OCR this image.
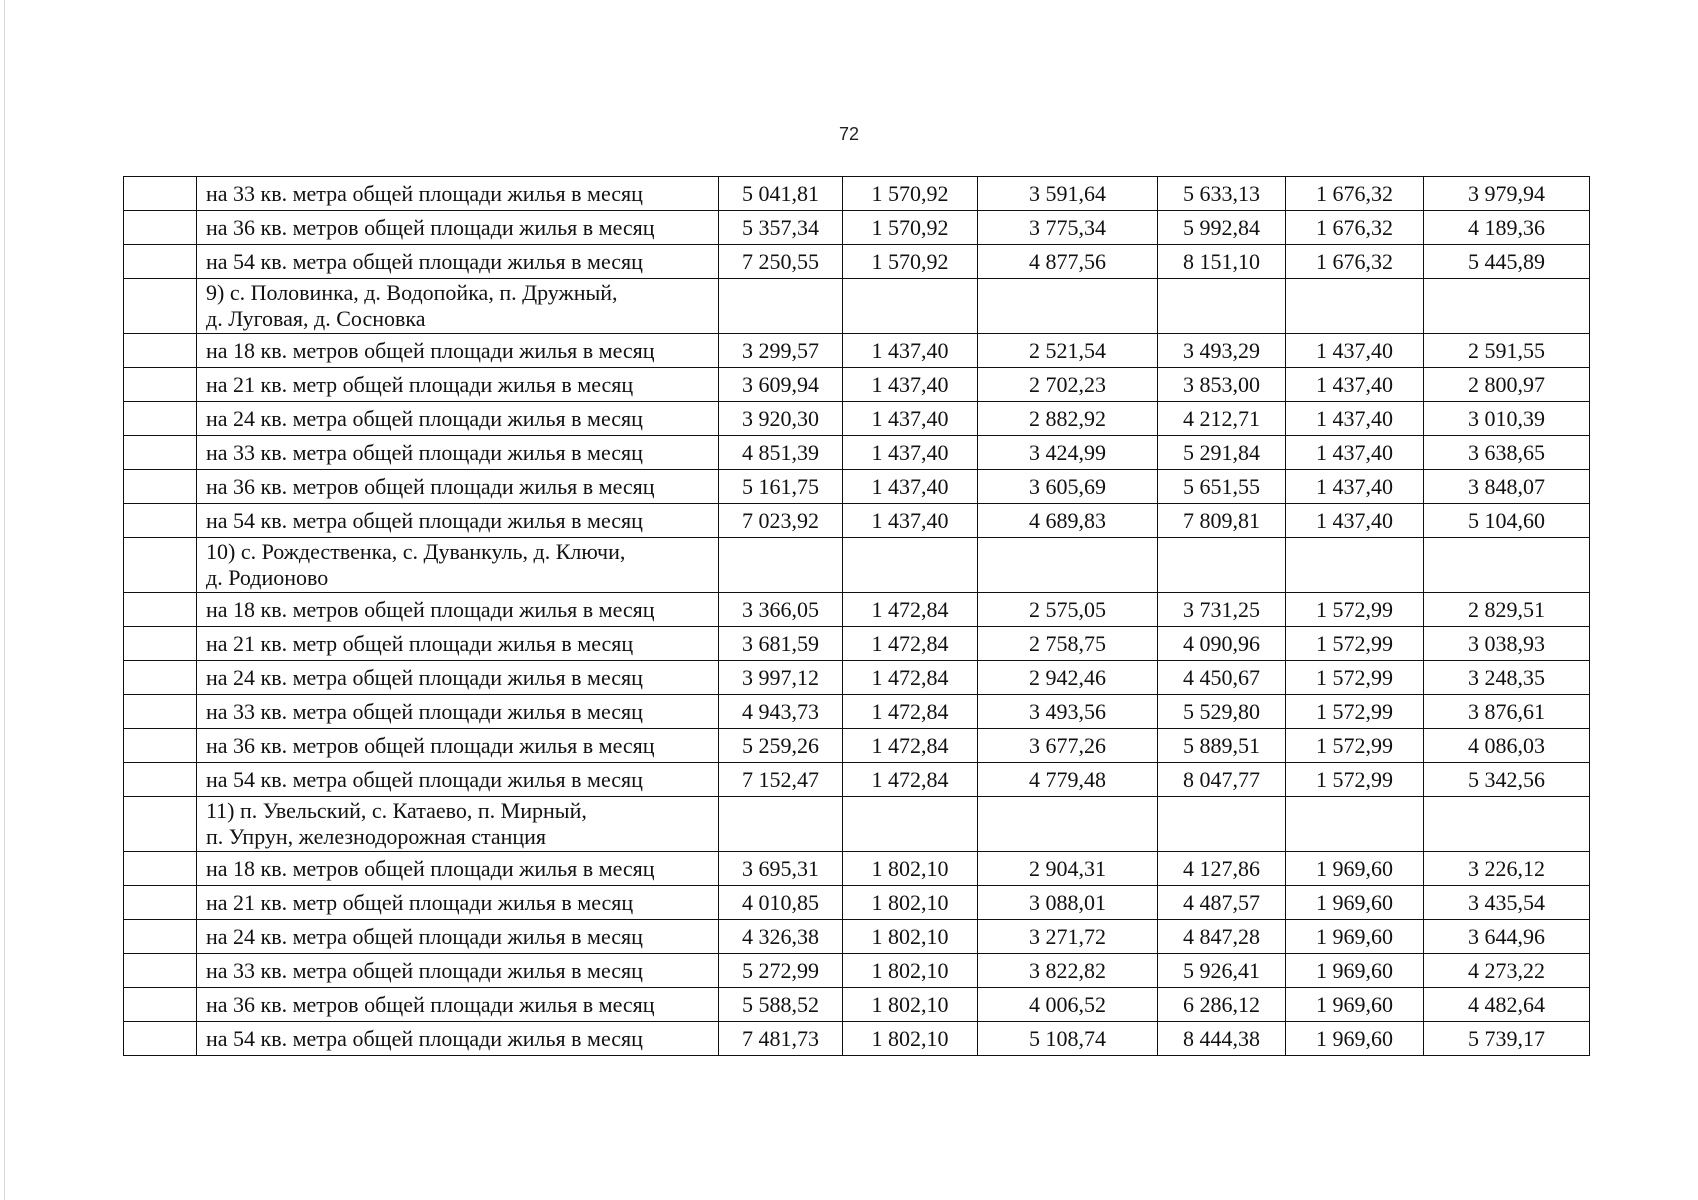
72
	на 33 кв. метра общей площади жилья в месяц	5 041,81	1 570,92	3 591,64	5 633,13	1 676,32	3 979,94
	на 36 кв. метров общей площади жилья в месяц	5 357,34	1 570,92	3 775,34	5 992,84	1 676,32	4 189,36
	на 54 кв. метра общей площади жилья в месяц	7 250,55	1 570,92	4 877,56	8 151,10	1 676,32	5 445,89

	9) с. Половинка, д. Водопойка, п. Дружный,
д. Луговая, д. Сосновка						

	на 18 кв. метров общей площади жилья в месяц	3 299,57	1 437,40	2 521,54	3 493,29	1 437,40	2 591,55
	на 21 кв. метр общей площади жилья в месяц	3 609,94	1 437,40	2 702,23	3 853,00	1 437,40	2 800,97
	на 24 кв. метра общей площади жилья в месяц	3 920,30	1 437,40	2 882,92	4 212,71	1 437,40	3 010,39
	на 33 кв. метра общей площади жилья в месяц	4 851,39	1 437,40	3 424,99	5 291,84	1 437,40	3 638,65
	на 36 кв. метров общей площади жилья в месяц	5 161,75	1 437,40	3 605,69	5 651,55	1 437,40	3 848,07
	на 54 кв. метра общей площади жилья в месяц	7 023,92	1 437,40	4 689,83	7 809,81	1 437,40	5 104,60

	10) с. Рождественка, с. Дуванкуль, д. Ключи,
д. Родионово						

	на 18 кв. метров общей площади жилья в месяц	3 366,05	1 472,84	2 575,05	3 731,25	1 572,99	2 829,51
	на 21 кв. метр общей площади жилья в месяц	3 681,59	1 472,84	2 758,75	4 090,96	1 572,99	3 038,93
	на 24 кв. метра общей площади жилья в месяц	3 997,12	1 472,84	2 942,46	4 450,67	1 572,99	3 248,35
	на 33 кв. метра общей площади жилья в месяц	4 943,73	1 472,84	3 493,56	5 529,80	1 572,99	3 876,61
	на 36 кв. метров общей площади жилья в месяц	5 259,26	1 472,84	3 677,26	5 889,51	1 572,99	4 086,03
	на 54 кв. метра общей площади жилья в месяц	7 152,47	1 472,84	4 779,48	8 047,77	1 572,99	5 342,56

	11) п. Увельский, с. Катаево, п. Мирный,
п. Упрун, железнодорожная станция						

	на 18 кв. метров общей площади жилья в месяц	3 695,31	1 802,10	2 904,31	4 127,86	1 969,60	3 226,12
	на 21 кв. метр общей площади жилья в месяц	4 010,85	1 802,10	3 088,01	4 487,57	1 969,60	3 435,54
	на 24 кв. метра общей площади жилья в месяц	4 326,38	1 802,10	3 271,72	4 847,28	1 969,60	3 644,96
	на 33 кв. метра общей площади жилья в месяц	5 272,99	1 802,10	3 822,82	5 926,41	1 969,60	4 273,22
	на 36 кв. метров общей площади жилья в месяц	5 588,52	1 802,10	4 006,52	6 286,12	1 969,60	4 482,64
	на 54 кв. метра общей площади жилья в месяц	7 481,73	1 802,10	5 108,74	8 444,38	1 969,60	5 739,17
